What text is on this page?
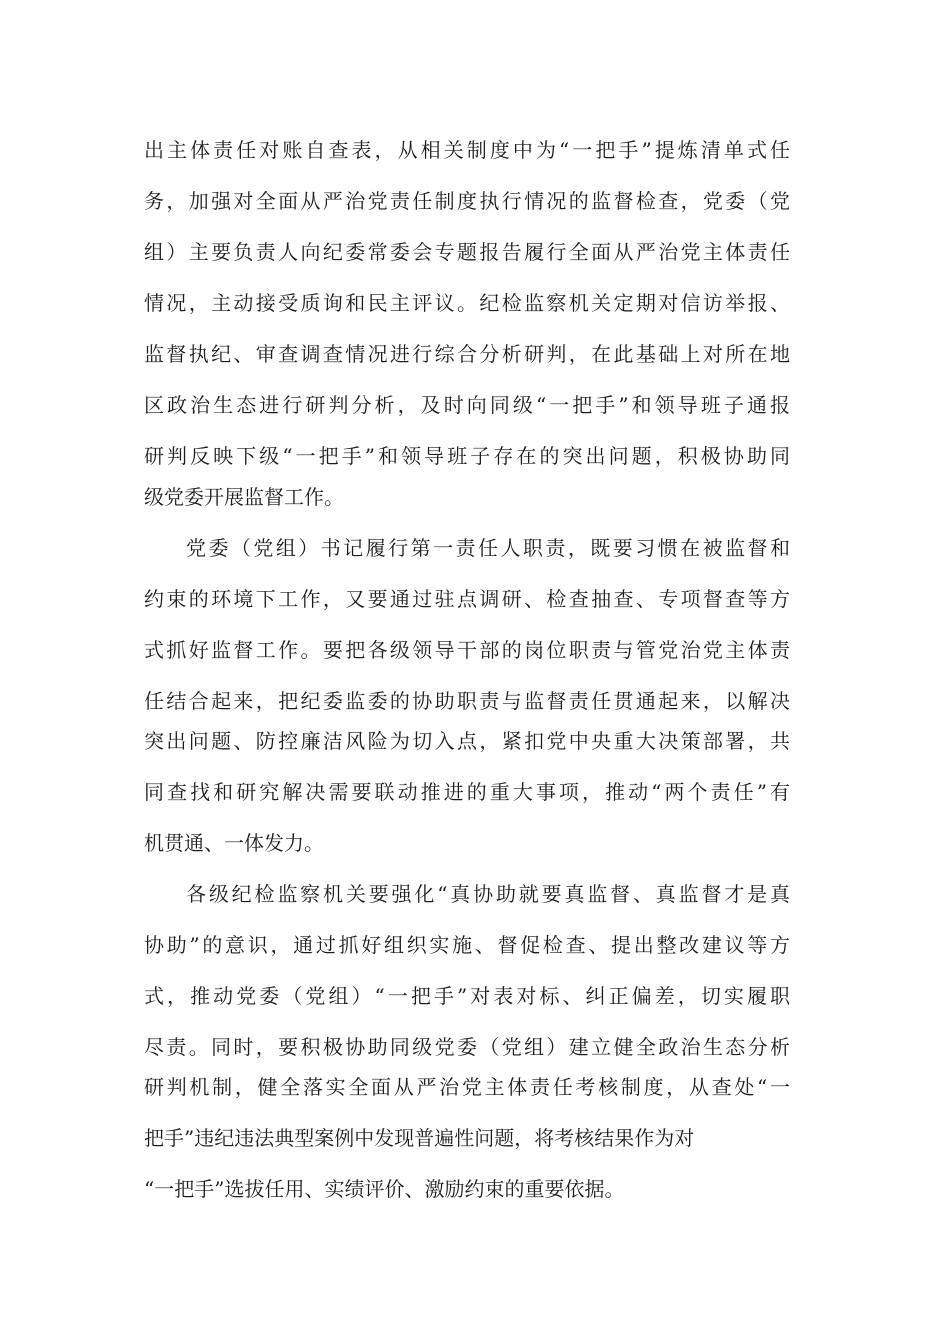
出主体责任对账自查表，从相关制度中为“一把手”提炼清单式任

务，加强对全面从严治党责任制度执行情况的监督检查，党委（党

组）主要负责人向纪委常委会专题报告履行全面从严治党主体责任

情况，主动接受质询和民主评议。纪检监察机关定期对信访举报、

监督执纪、审查调查情况进行综合分析研判，在此基础上对所在地

区政治生态进行研判分析，及时向同级“一把手”和领导班子通报

研判反映下级“一把手”和领导班子存在的突出问题，积极协助同

级党委开展监督工作。

党委（党组）书记履行第一责任人职责，既要习惯在被监督和

约束的环境下工作，又要通过驻点调研、检查抽查、专项督查等方

式抓好监督工作。要把各级领导干部的岗位职责与管党治党主体责

任结合起来，把纪委监委的协助职责与监督责任贯通起来，以解决

突出问题、防控廉洁风险为切入点，紧扣党中央重大决策部署，共

同查找和研究解决需要联动推进的重大事项，推动“两个责任”有

机贯通、一体发力。

各级纪检监察机关要强化“真协助就要真监督、真监督才是真

协助”的意识，通过抓好组织实施、督促检查、提出整改建议等方

式，推动党委（党组）“一把手”对表对标、纠正偏差，切实履职

尽责。同时，要积极协助同级党委（党组）建立健全政治生态分析

研判机制，健全落实全面从严治党主体责任考核制度，从查处“一

把手”违纪违法典型案例中发现普遍性问题，将考核结果作为对

“一把手”选拔任用、实绩评价、激励约束的重要依据。
